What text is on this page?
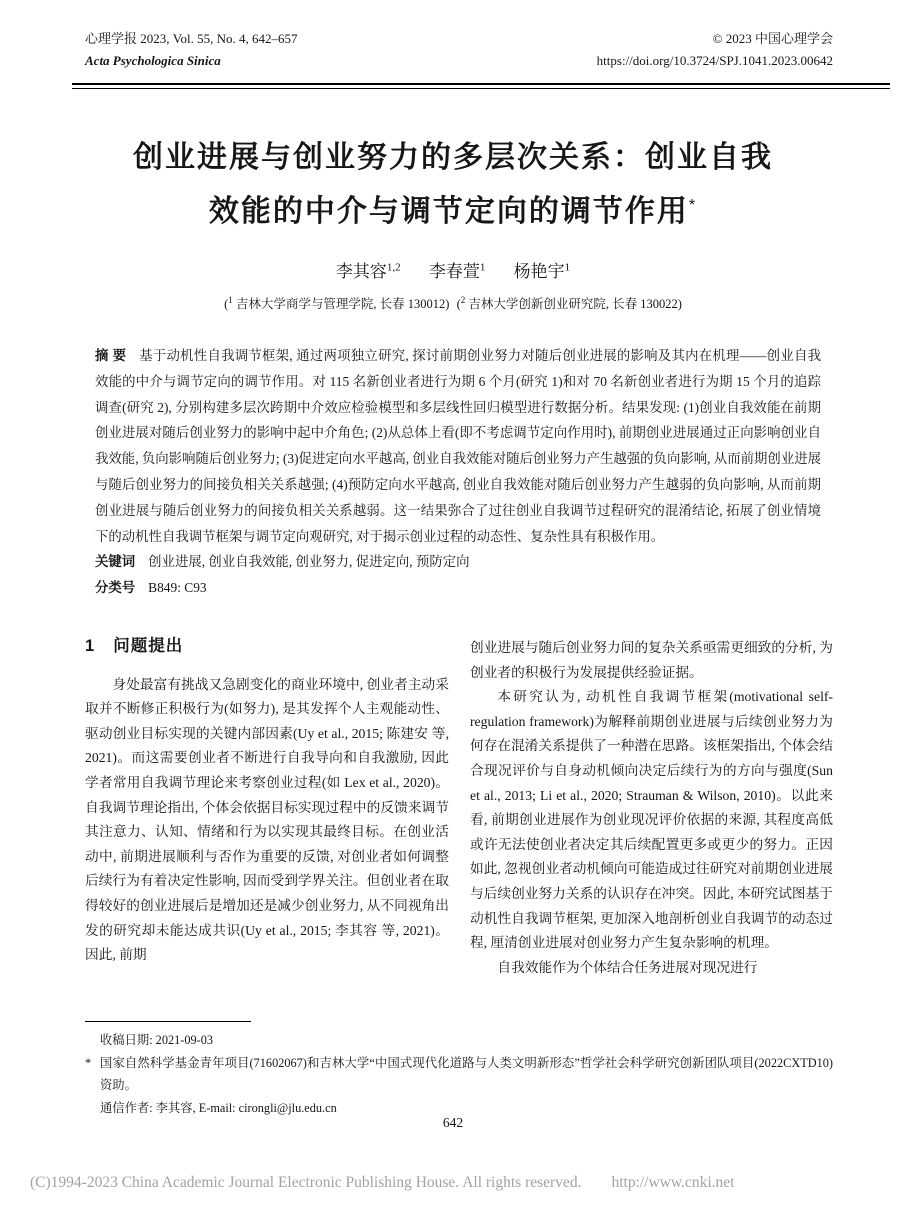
心理学报 2023, Vol. 55, No. 4, 642–657
Acta Psychologica Sinica
© 2023 中国心理学会
https://doi.org/10.3724/SPJ.1041.2023.00642
创业进展与创业努力的多层次关系：创业自我
效能的中介与调节定向的调节作用*
李其容$^{1,2}$ 李春萱$^1$ 杨艳宇$^1$
($^1$ 吉林大学商学与管理学院, 长春 130012) ($^2$ 吉林大学创新创业研究院, 长春 130022)

摘 要 基于动机性自我调节框架, 通过两项独立研究, 探讨前期创业努力对随后创业进展的影响及其内在机理——创业自我效能的中介与调节定向的调节作用。对 115 名新创业者进行为期 6 个月(研究 1)和对 70 名新创业者进行为期 15 个月的追踪调查(研究 2), 分别构建多层次跨期中介效应检验模型和多层线性回归模型进行数据分析。结果发现: (1)创业自我效能在前期创业进展对随后创业努力的影响中起中介角色; (2)从总体上看(即不考虑调节定向作用时), 前期创业进展通过正向影响创业自我效能, 负向影响随后创业努力; (3)促进定向水平越高, 创业自我效能对随后创业努力产生越强的负向影响, 从而前期创业进展与随后创业努力的间接负相关关系越强; (4)预防定向水平越高, 创业自我效能对随后创业努力产生越弱的负向影响, 从而前期创业进展与随后创业努力的间接负相关关系越弱。这一结果弥合了过往创业自我调节过程研究的混淆结论, 拓展了创业情境下的动机性自我调节框架与调节定向观研究, 对于揭示创业过程的动态性、复杂性具有积极作用。

关键词 创业进展, 创业自我效能, 创业努力, 促进定向, 预防定向

分类号 B849: C93

1 问题提出

身处最富有挑战又急剧变化的商业环境中, 创业者主动采取并不断修正积极行为(如努力), 是其发挥个人主观能动性、驱动创业目标实现的关键内部因素(Uy et al., 2015; 陈建安 等, 2021)。而这需要创业者不断进行自我导向和自我激励, 因此学者常用自我调节理论来考察创业过程(如 Lex et al., 2020)。自我调节理论指出, 个体会依据目标实现过程中的反馈来调节其注意力、认知、情绪和行为以实现其最终目标。在创业活动中, 前期进展顺利与否作为重要的反馈, 对创业者如何调整后续行为有着决定性影响, 因而受到学界关注。但创业者在取得较好的创业进展后是增加还是减少创业努力, 从不同视角出发的研究却未能达成共识(Uy et al., 2015; 李其容 等, 2021)。因此, 前期

创业进展与随后创业努力间的复杂关系亟需更细致的分析, 为创业者的积极行为发展提供经验证据。

本研究认为, 动机性自我调节框架(motivational self-regulation framework)为解释前期创业进展与后续创业努力为何存在混淆关系提供了一种潜在思路。该框架指出, 个体会结合现况评价与自身动机倾向决定后续行为的方向与强度(Sun et al., 2013; Li et al., 2020; Strauman & Wilson, 2010)。以此来看, 前期创业进展作为创业现况评价依据的来源, 其程度高低或许无法使创业者决定其后续配置更多或更少的努力。正因如此, 忽视创业者动机倾向可能造成过往研究对前期创业进展与后续创业努力关系的认识存在冲突。因此, 本研究试图基于动机性自我调节框架, 更加深入地剖析创业自我调节的动态过程, 厘清创业进展对创业努力产生复杂影响的机理。

自我效能作为个体结合任务进展对现况进行

收稿日期: 2021-09-03
* 国家自然科学基金青年项目(71602067)和吉林大学“中国式现代化道路与人类文明新形态”哲学社会科学研究创新团队项目(2022CXTD10)资助。
通信作者: 李其容, E-mail: cirongli@jlu.edu.cn
642
(C)1994-2023 China Academic Journal Electronic Publishing House. All rights reserved. http://www.cnki.net
